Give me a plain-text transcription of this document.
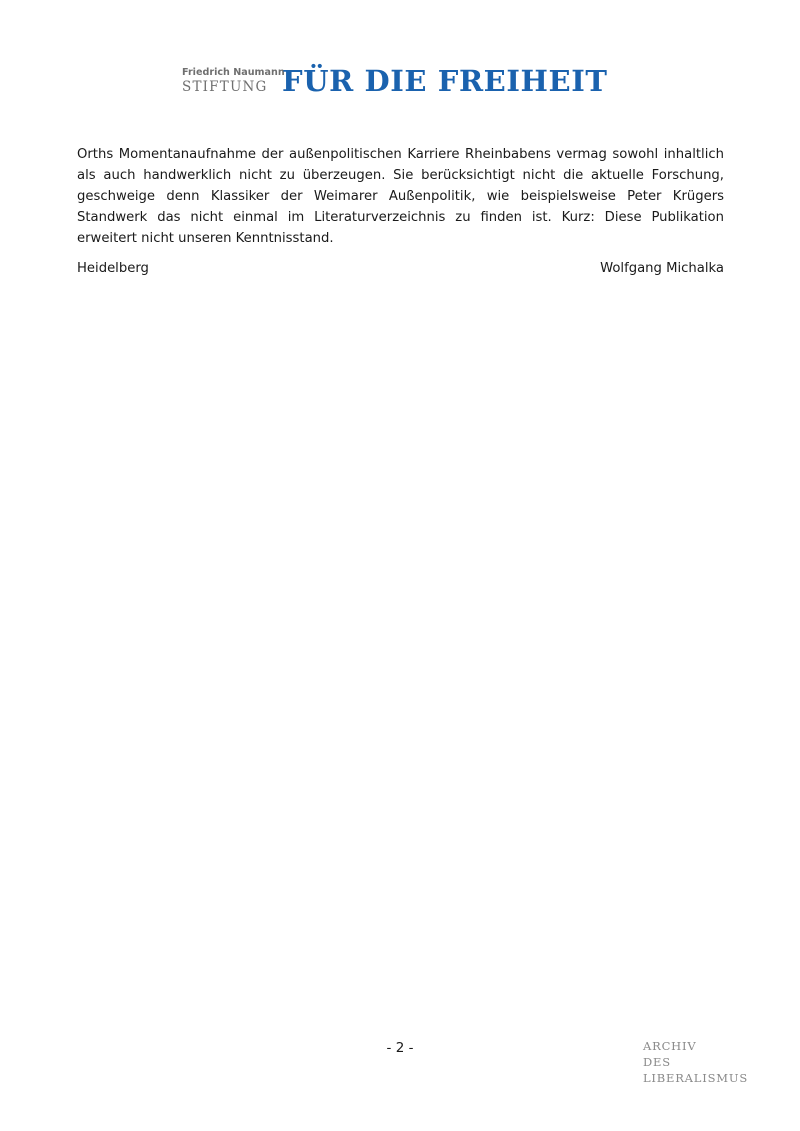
Friedrich Naumann
STIFTUNG FÜR DIE FREIHEIT

Orths Momentanaufnahme der außenpolitischen Karriere Rheinbabens vermag sowohl inhaltlich als auch handwerklich nicht zu überzeugen. Sie berücksichtigt nicht die aktuelle Forschung, geschweige denn Klassiker der Weimarer Außenpolitik, wie beispielsweise Peter Krügers Standwerk das nicht einmal im Literaturverzeichnis zu finden ist. Kurz: Diese Publikation erweitert nicht unseren Kenntnisstand.

Heidelberg	Wolfgang Michalka
- 2 -	ARCHIV
DES
LIBERALISMUS
